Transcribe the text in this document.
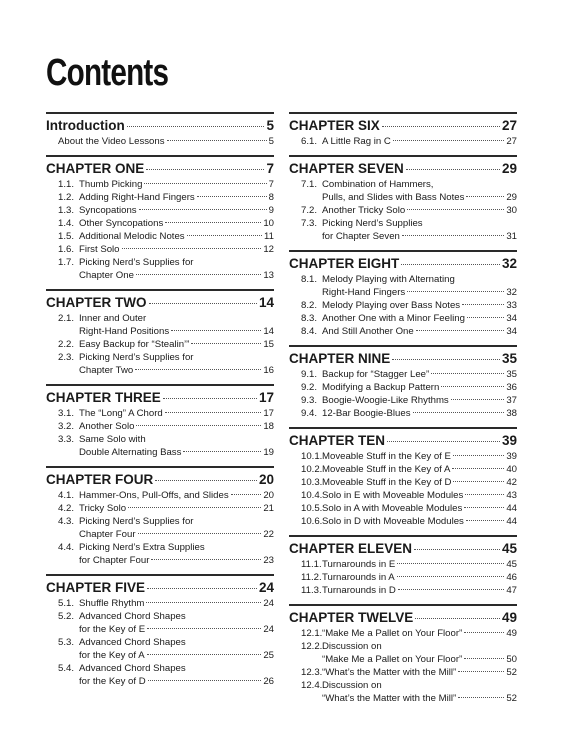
Contents
Introduction	5
About the Video Lessons	5
CHAPTER ONE	7
1.1. Thumb Picking	7
1.2. Adding Right-Hand Fingers	8
1.3. Syncopations	9
1.4. Other Syncopations	10
1.5. Additional Melodic Notes	11
1.6. First Solo	12
1.7. Picking Nerd’s Supplies for
Chapter One	13
CHAPTER TWO	14
2.1. Inner and Outer
Right-Hand Positions	14
2.2. Easy Backup for “Stealin’”	15
2.3. Picking Nerd’s Supplies for
Chapter Two	16
CHAPTER THREE	17
3.1. The “Long” A Chord	17
3.2. Another Solo	18
3.3. Same Solo with
Double Alternating Bass	19
CHAPTER FOUR	20
4.1. Hammer-Ons, Pull-Offs, and Slides	20
4.2. Tricky Solo	21
4.3. Picking Nerd’s Supplies for
Chapter Four	22
4.4. Picking Nerd’s Extra Supplies
for Chapter Four	23
CHAPTER FIVE	24
5.1. Shuffle Rhythm	24
5.2. Advanced Chord Shapes
for the Key of E	24
5.3. Advanced Chord Shapes
for the Key of A	25
5.4. Advanced Chord Shapes
for the Key of D	26
CHAPTER SIX	27
6.1. A Little Rag in C	27
CHAPTER SEVEN	29
7.1. Combination of Hammers,
Pulls, and Slides with Bass Notes	29
7.2. Another Tricky Solo	30
7.3. Picking Nerd’s Supplies
for Chapter Seven	31
CHAPTER EIGHT	32
8.1. Melody Playing with Alternating
Right-Hand Fingers	32
8.2. Melody Playing over Bass Notes	33
8.3. Another One with a Minor Feeling	34
8.4. And Still Another One	34
CHAPTER NINE	35
9.1. Backup for “Stagger Lee”	35
9.2. Modifying a Backup Pattern	36
9.3. Boogie-Woogie-Like Rhythms	37
9.4. 12-Bar Boogie-Blues	38
CHAPTER TEN	39
10.1. Moveable Stuff in the Key of E	39
10.2. Moveable Stuff in the Key of A	40
10.3. Moveable Stuff in the Key of D	42
10.4. Solo in E with Moveable Modules	43
10.5. Solo in A with Moveable Modules	44
10.6. Solo in D with Moveable Modules	44
CHAPTER ELEVEN	45
11.1. Turnarounds in E	45
11.2. Turnarounds in A	46
11.3. Turnarounds in D	47
CHAPTER TWELVE	49
12.1. “Make Me a Pallet on Your Floor”	49
12.2. Discussion on
“Make Me a Pallet on Your Floor”	50
12.3. “What’s the Matter with the Mill”	52
12.4. Discussion on
“What’s the Matter with the Mill”	52
